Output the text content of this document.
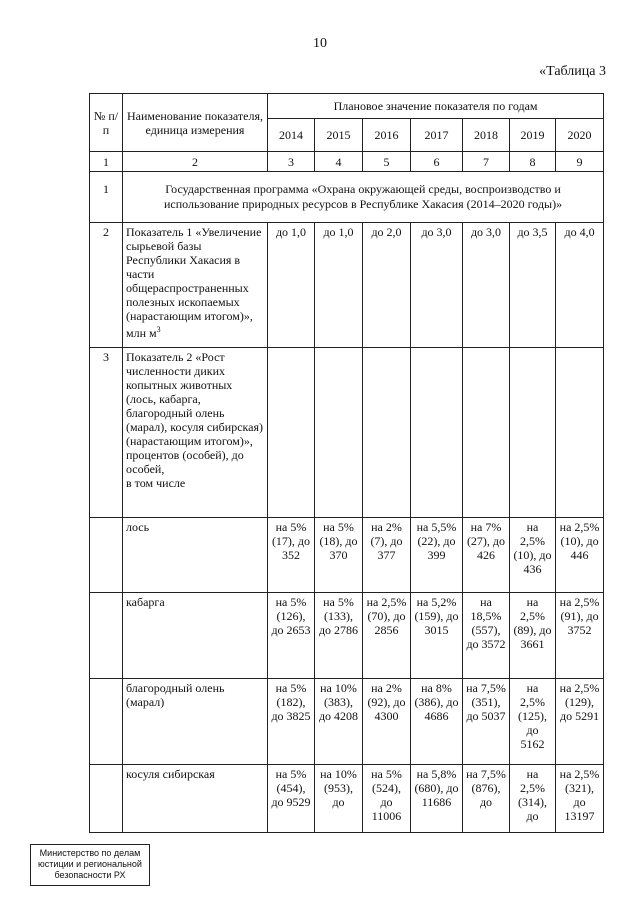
10
«Таблица 3
№ п/п	Наименование показателя, единица измерения	Плановое значение показателя по годам						
		2014	2015	2016	2017	2018	2019	2020
1	2	3	4	5	6	7	8	9
1	Государственная программа «Охрана окружающей среды, воспроизводство и использование природных ресурсов в Республике Хакасия (2014–2020 годы)»							
2	Показатель 1 «Увеличение сырьевой базы Республики Хакасия в части общераспространенных полезных ископаемых (нарастающим итогом)», млн $м^3$	до 1,0	до 1,0	до 2,0	до 3,0	до 3,0	до 3,5	до 4,0
3	Показатель 2 «Рост численности диких копытных животных (лось, кабарга, благородный олень (марал), косуля сибирская) (нарастающим итогом)», процентов (особей), до особей,
в том числе							
	лось	на 5% (17), до 352	на 5% (18), до 370	на 2% (7), до 377	на 5,5% (22), до 399	на 7% (27), до 426	на 2,5% (10), до 436	на 2,5% (10), до 446
	кабарга	на 5% (126), до 2653	на 5% (133), до 2786	на 2,5% (70), до 2856	на 5,2% (159), до 3015	на 18,5% (557), до 3572	на 2,5% (89), до 3661	на 2,5% (91), до 3752
	благородный олень (марал)	на 5% (182), до 3825	на 10% (383), до 4208	на 2% (92), до 4300	на 8% (386), до 4686	на 7,5% (351), до 5037	на 2,5% (125), до 5162	на 2,5% (129), до 5291
	косуля сибирская	на 5% (454), до 9529	на 10% (953), до	на 5% (524), до 11006	на 5,8% (680), до 11686	на 7,5% (876), до	на 2,5% (314), до	на 2,5% (321), до 13197
Министерство по делам юстиции и региональной безопасности РХ
